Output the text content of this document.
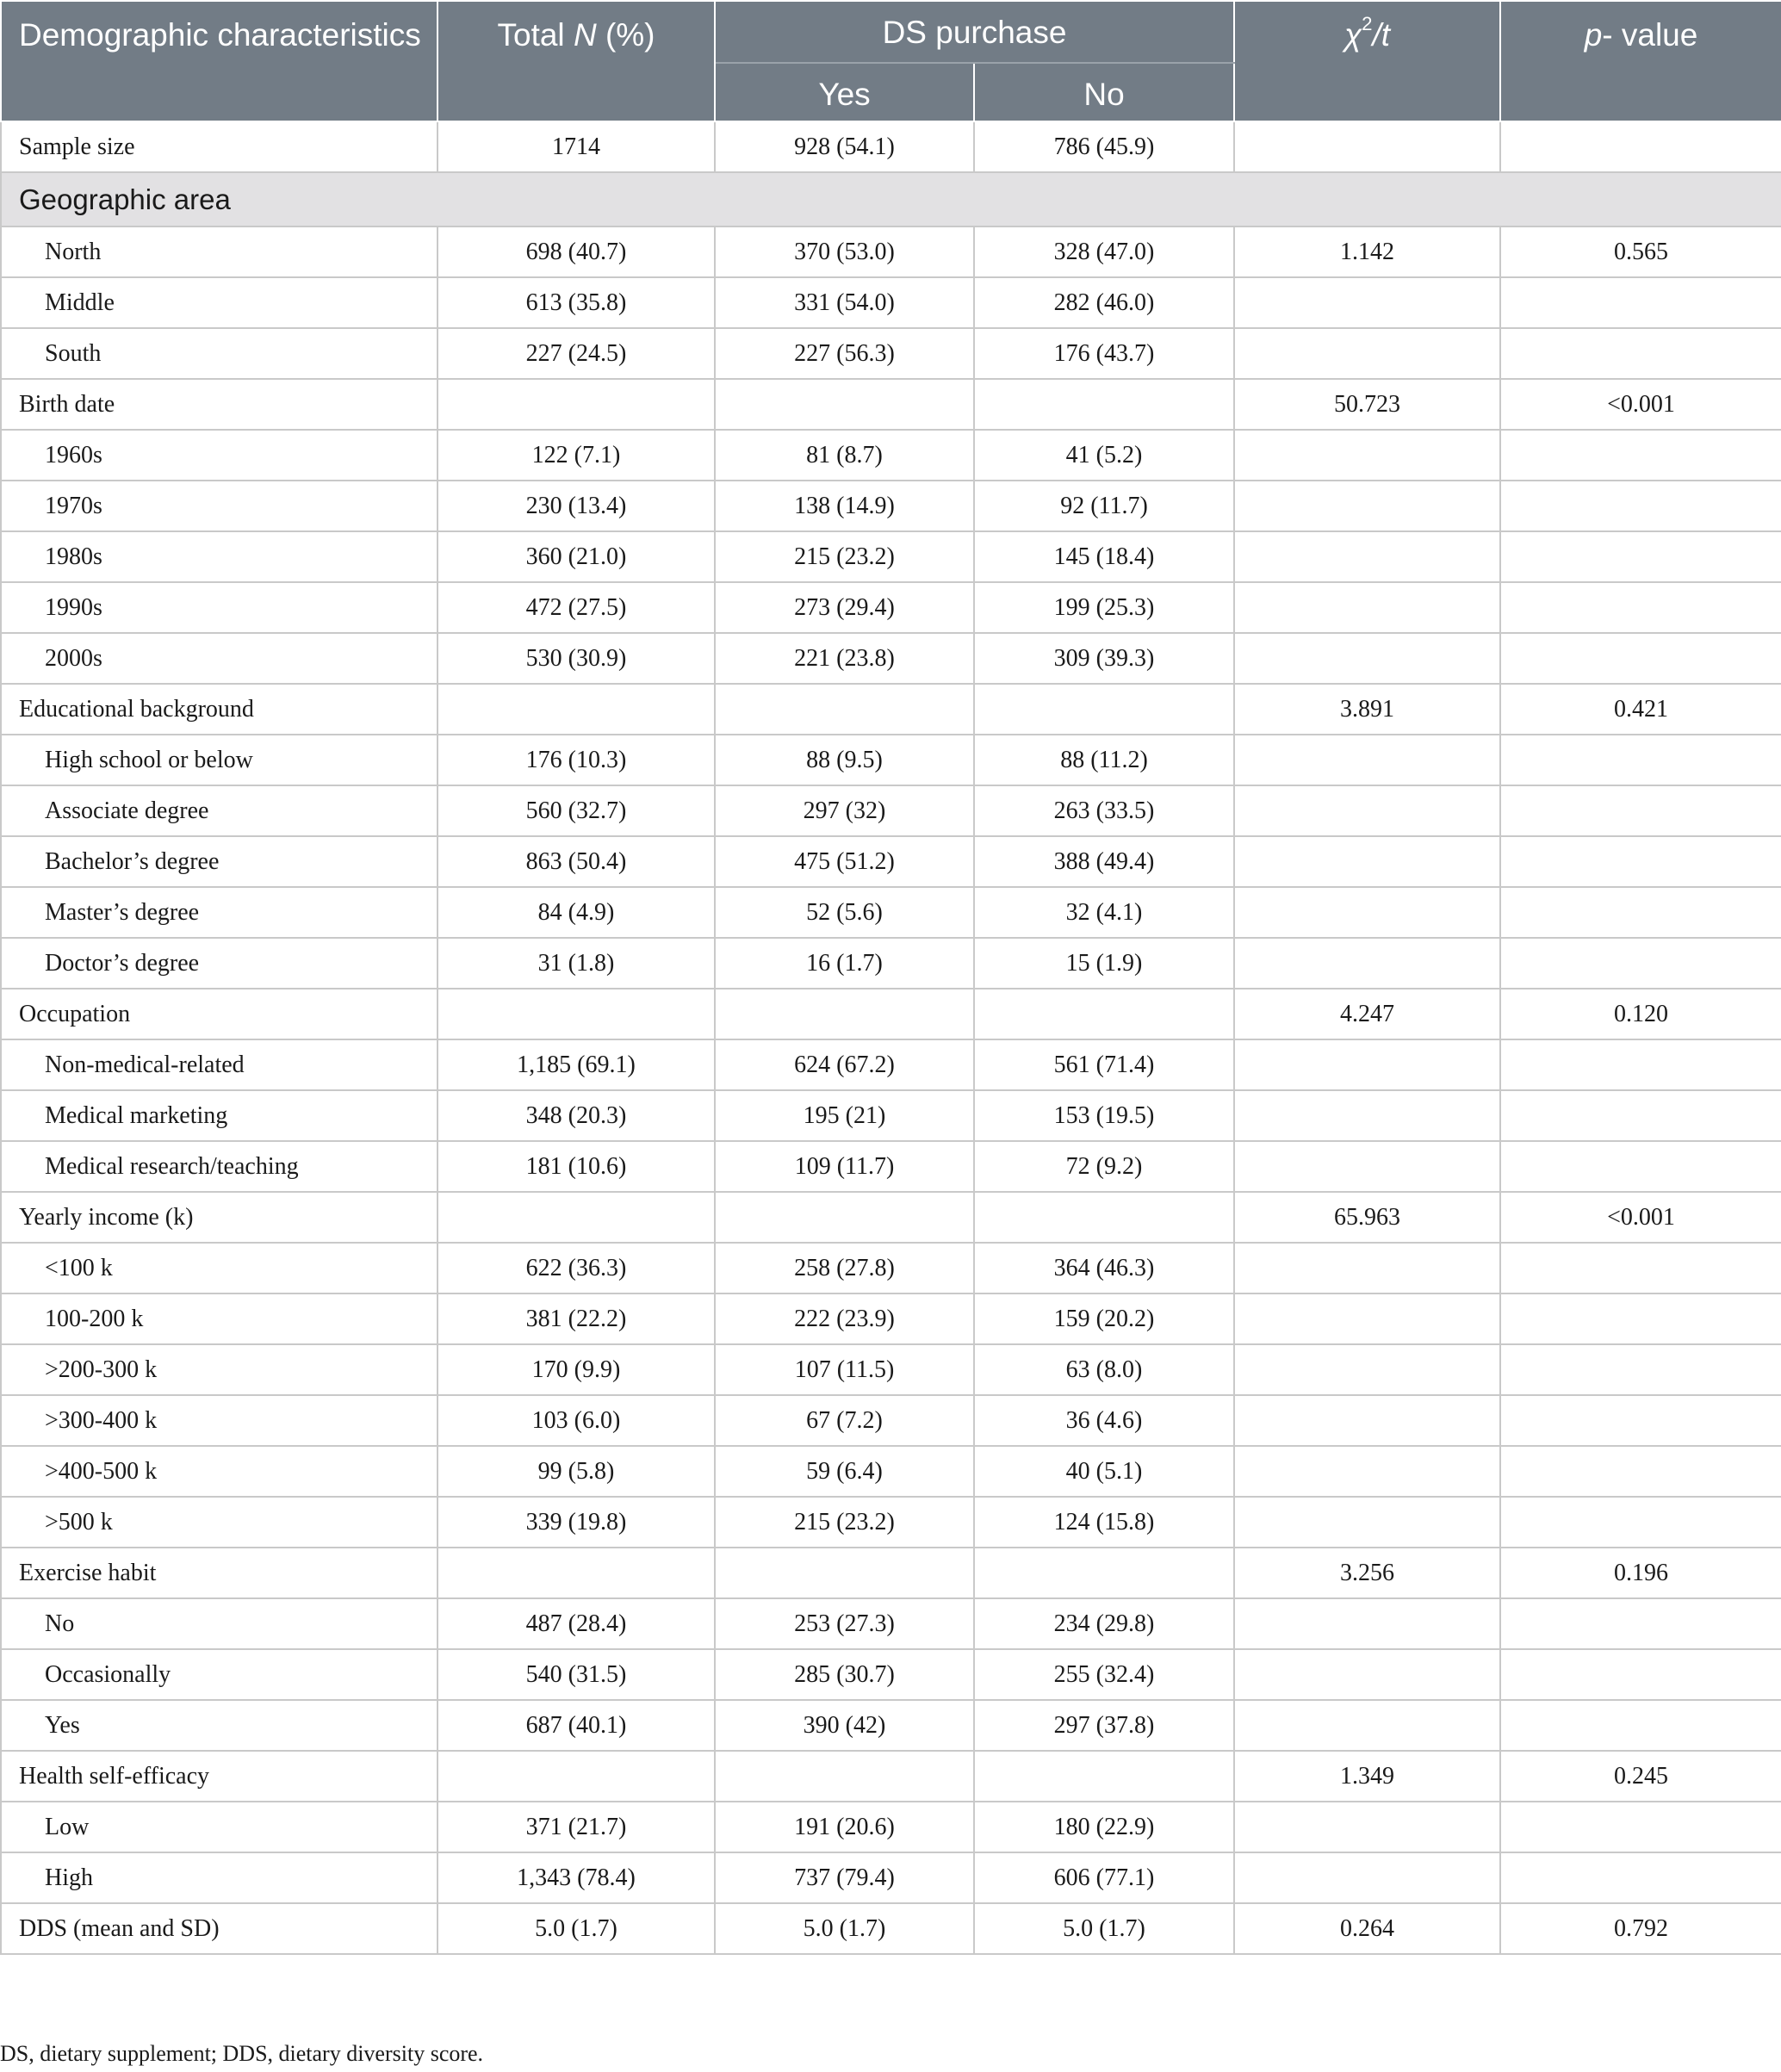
Demographic characteristics	Total N (%)	DS purchase		$\chi^2/t$	p- value
		Yes	No		
Sample size	1714	928 (54.1)	786 (45.9)		
Geographic area					
North	698 (40.7)	370 (53.0)	328 (47.0)	1.142	0.565
Middle	613 (35.8)	331 (54.0)	282 (46.0)		
South	227 (24.5)	227 (56.3)	176 (43.7)		
Birth date				50.723	<0.001
1960s	122 (7.1)	81 (8.7)	41 (5.2)		
1970s	230 (13.4)	138 (14.9)	92 (11.7)		
1980s	360 (21.0)	215 (23.2)	145 (18.4)		
1990s	472 (27.5)	273 (29.4)	199 (25.3)		
2000s	530 (30.9)	221 (23.8)	309 (39.3)		
Educational background				3.891	0.421
High school or below	176 (10.3)	88 (9.5)	88 (11.2)		
Associate degree	560 (32.7)	297 (32)	263 (33.5)		
Bachelor’s degree	863 (50.4)	475 (51.2)	388 (49.4)		
Master’s degree	84 (4.9)	52 (5.6)	32 (4.1)		
Doctor’s degree	31 (1.8)	16 (1.7)	15 (1.9)		
Occupation				4.247	0.120
Non-medical-related	1,185 (69.1)	624 (67.2)	561 (71.4)		
Medical marketing	348 (20.3)	195 (21)	153 (19.5)		
Medical research/teaching	181 (10.6)	109 (11.7)	72 (9.2)		
Yearly income (k)				65.963	<0.001
<100 k	622 (36.3)	258 (27.8)	364 (46.3)		
100-200 k	381 (22.2)	222 (23.9)	159 (20.2)		
>200-300 k	170 (9.9)	107 (11.5)	63 (8.0)		
>300-400 k	103 (6.0)	67 (7.2)	36 (4.6)		
>400-500 k	99 (5.8)	59 (6.4)	40 (5.1)		
>500 k	339 (19.8)	215 (23.2)	124 (15.8)		
Exercise habit				3.256	0.196
No	487 (28.4)	253 (27.3)	234 (29.8)		
Occasionally	540 (31.5)	285 (30.7)	255 (32.4)		
Yes	687 (40.1)	390 (42)	297 (37.8)		
Health self-efficacy				1.349	0.245
Low	371 (21.7)	191 (20.6)	180 (22.9)		
High	1,343 (78.4)	737 (79.4)	606 (77.1)		
DDS (mean and SD)	5.0 (1.7)	5.0 (1.7)	5.0 (1.7)	0.264	0.792

DS, dietary supplement; DDS, dietary diversity score.
